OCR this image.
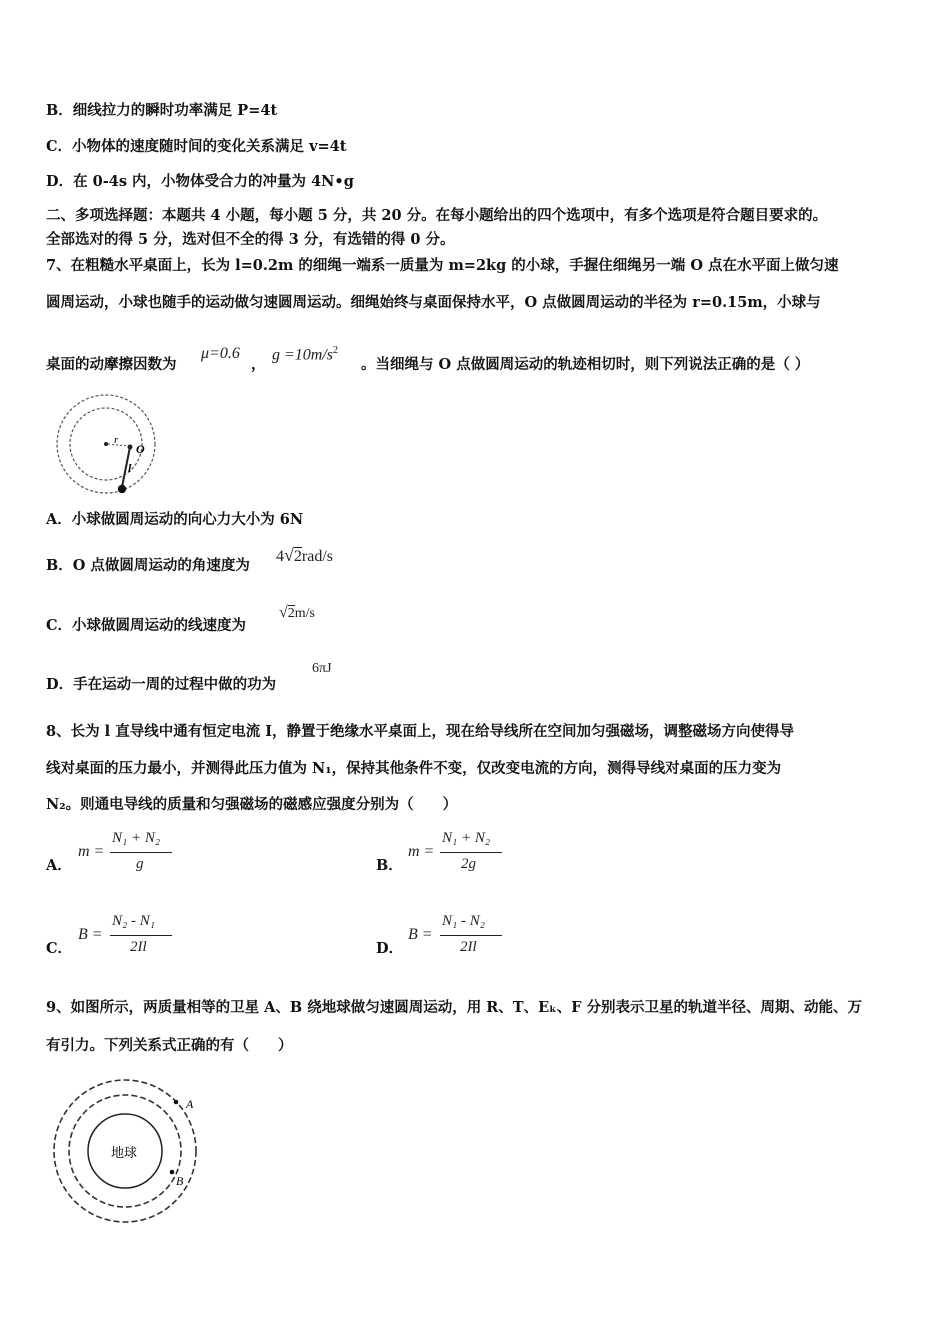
B．细线拉力的瞬时功率满足 P=4t
C．小物体的速度随时间的变化关系满足 v=4t
D．在 0-4s 内，小物体受合力的冲量为 4N•g
二、多项选择题：本题共 4 小题，每小题 5 分，共 20 分。在每小题给出的四个选项中，有多个选项是符合题目要求的。
全部选对的得 5 分，选对但不全的得 3 分，有选错的得 0 分。
7、在粗糙水平桌面上，长为 l=0.2m 的细绳一端系一质量为 m=2kg 的小球，手握住细绳另一端 O 点在水平面上做匀速
圆周运动，小球也随手的运动做匀速圆周运动。细绳始终与桌面保持水平，O 点做圆周运动的半径为 r=0.15m，小球与
桌面的动摩擦因数为
μ=0.6
，
$g =10m/s^2$
。当细绳与 O 点做圆周运动的轨迹相切时，则下列说法正确的是（ ）
r
O
l
A．小球做圆周运动的向心力大小为 6N
B．O 点做圆周运动的角速度为
4√2rad/s
C．小球做圆周运动的线速度为
√2m/s
D．手在运动一周的过程中做的功为
6πJ
8、长为 l 直导线中通有恒定电流 I，静置于绝缘水平桌面上，现在给导线所在空间加匀强磁场，调整磁场方向使得导
线对桌面的压力最小，并测得此压力值为 N₁，保持其他条件不变，仅改变电流的方向，测得导线对桌面的压力变为
N₂。则通电导线的质量和匀强磁场的磁感应强度分别为（　　）
A．
m =
N₁ + N₂
g	B．
m =
N₁ + N₂
2g
C．
B =
N₂ - N₁
2Il	D．
B =
N₁ - N₂
2Il
9、如图所示，两质量相等的卫星 A、B 绕地球做匀速圆周运动，用 R、T、Eₖ、F 分别表示卫星的轨道半径、周期、动能、万
有引力。下列关系式正确的有（　　）
地球
A
B
